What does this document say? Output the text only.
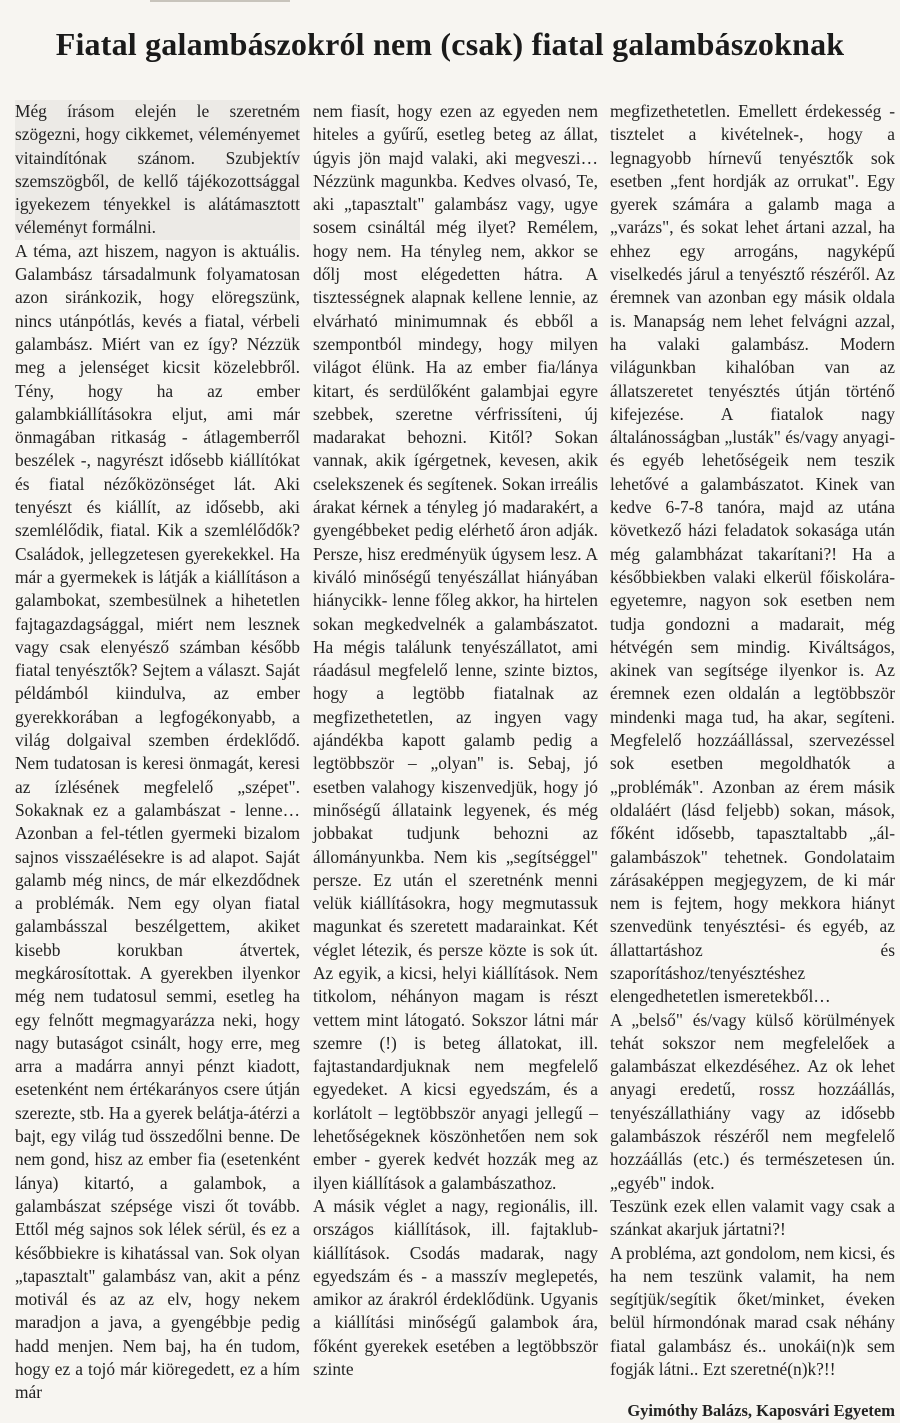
Fiatal galambászokról nem (csak) fiatal galambászoknak

Még írásom elején le szeretném szögezni, hogy cikkemet, véleményemet vitaindítónak szánom. Szubjektív szemszögből, de kellő tájékozottsággal igyekezem tényekkel is alátámasztott véleményt formálni.

A téma, azt hiszem, nagyon is aktuális. Galambász társadalmunk folyamatosan azon siránkozik, hogy elöregszünk, nincs utánpótlás, kevés a fiatal, vérbeli galambász. Miért van ez így? Nézzük meg a jelenséget kicsit közelebbről. Tény, hogy ha az ember galambkiállításokra eljut, ami már önmagában ritkaság - átlagemberről beszélek -, nagyrészt idősebb kiállítókat és fiatal nézőközönséget lát. Aki tenyészt és kiállít, az idősebb, aki szemlélődik, fiatal. Kik a szemlélődők? Családok, jellegzetesen gyerekekkel. Ha már a gyermekek is látják a kiállításon a galambokat, szembesülnek a hihetetlen fajtagazdagsággal, miért nem lesznek vagy csak elenyésző számban később fiatal tenyésztők? Sejtem a választ. Saját példámból kiindulva, az ember gyerekkorában a legfogékonyabb, a világ dolgaival szemben érdeklődő. Nem tudatosan is keresi önmagát, keresi az ízlésének megfelelő „szépet". Sokaknak ez a galambászat - lenne… Azonban a fel-tétlen gyermeki bizalom sajnos visszaélésekre is ad alapot. Saját galamb még nincs, de már elkezdődnek a problémák. Nem egy olyan fiatal galambásszal beszélgettem, akiket kisebb korukban átvertek, megkárosítottak. A gyerekben ilyenkor még nem tudatosul semmi, esetleg ha egy felnőtt megmagyarázza neki, hogy nagy butaságot csinált, hogy erre, meg arra a madárra annyi pénzt kiadott, esetenként nem értékarányos csere útján szerezte, stb. Ha a gyerek belátja-átérzi a bajt, egy világ tud összedőlni benne. De nem gond, hisz az ember fia (esetenként lánya) kitartó, a galambok, a galambászat szépsége viszi őt tovább. Ettől még sajnos sok lélek sérül, és ez a későbbiekre is kihatással van. Sok olyan „tapasztalt" galambász van, akit a pénz motivál és az az elv, hogy nekem maradjon a java, a gyengébbje pedig hadd menjen. Nem baj, ha én tudom, hogy ez a tojó már kiöregedett, ez a hím már

nem fiasít, hogy ezen az egyeden nem hiteles a gyűrű, esetleg beteg az állat, úgyis jön majd valaki, aki megveszi… Nézzünk magunkba. Kedves olvasó, Te, aki „tapasztalt" galambász vagy, ugye sosem csináltál még ilyet? Remélem, hogy nem. Ha tényleg nem, akkor se dőlj most elégedetten hátra. A tisztességnek alapnak kellene lennie, az elvárható minimumnak és ebből a szempontból mindegy, hogy milyen világot élünk. Ha az ember fia/lánya kitart, és serdülőként galambjai egyre szebbek, szeretne vérfrissíteni, új madarakat behozni. Kitől? Sokan vannak, akik ígérgetnek, kevesen, akik cselekszenek és segítenek. Sokan irreális árakat kérnek a tényleg jó madarakért, a gyengébbeket pedig elérhető áron adják. Persze, hisz eredményük úgysem lesz. A kiváló minőségű tenyészállat hiányában hiánycikk- lenne főleg akkor, ha hirtelen sokan megkedvelnék a galambászatot. Ha mégis találunk tenyészállatot, ami ráadásul megfelelő lenne, szinte biztos, hogy a legtöbb fiatalnak az megfizethetetlen, az ingyen vagy ajándékba kapott galamb pedig a legtöbbször – „olyan" is. Sebaj, jó esetben valahogy kiszenvedjük, hogy jó minőségű állataink legyenek, és még jobbakat tudjunk behozni az állományunkba. Nem kis „segítséggel" persze. Ez után el szeretnénk menni velük kiállításokra, hogy megmutassuk magunkat és szeretett madarainkat. Két véglet létezik, és persze közte is sok út. Az egyik, a kicsi, helyi kiállítások. Nem titkolom, néhányon magam is részt vettem mint látogató. Sokszor látni már szemre (!) is beteg állatokat, ill. fajtastandardjuknak nem megfelelő egyedeket. A kicsi egyedszám, és a korlátolt – legtöbbször anyagi jellegű – lehetőségeknek köszönhetően nem sok ember - gyerek kedvét hozzák meg az ilyen kiállítások a galambászathoz.

A másik véglet a nagy, regionális, ill. országos kiállítások, ill. fajtaklub-kiállítások. Csodás madarak, nagy egyedszám és - a masszív meglepetés, amikor az árakról érdeklődünk. Ugyanis a kiállítási minőségű galambok ára, főként gyerekek esetében a legtöbbször szinte

megfizethetetlen. Emellett érdekesség - tisztelet a kivételnek-, hogy a legnagyobb hírnevű tenyésztők sok esetben „fent hordják az orrukat". Egy gyerek számára a galamb maga a „varázs", és sokat lehet ártani azzal, ha ehhez egy arrogáns, nagyképű viselkedés járul a tenyésztő részéről. Az éremnek van azonban egy másik oldala is. Manapság nem lehet felvágni azzal, ha valaki galambász. Modern világunkban kihalóban van az állatszeretet tenyésztés útján történő kifejezése. A fiatalok nagy általánosságban „lusták" és/vagy anyagi- és egyéb lehetőségeik nem teszik lehetővé a galambászatot. Kinek van kedve 6-7-8 tanóra, majd az utána következő házi feladatok sokasága után még galambházat takarítani?! Ha a későbbiekben valaki elkerül főiskolára-egyetemre, nagyon sok esetben nem tudja gondozni a madarait, még hétvégén sem mindig. Kiváltságos, akinek van segítsége ilyenkor is. Az éremnek ezen oldalán a legtöbbször mindenki maga tud, ha akar, segíteni. Megfelelő hozzáállással, szervezéssel sok esetben megoldhatók a „problémák". Azonban az érem másik oldaláért (lásd feljebb) sokan, mások, főként idősebb, tapasztaltabb „ál-galambászok" tehetnek. Gondolataim zárásaképpen megjegyzem, de ki már nem is fejtem, hogy mekkora hiányt szenvedünk tenyésztési- és egyéb, az állattartáshoz és szaporításhoz/tenyésztéshez elengedhetetlen ismeretekből…

A „belső" és/vagy külső körülmények tehát sokszor nem megfelelőek a galambászat elkezdéséhez. Az ok lehet anyagi eredetű, rossz hozzáállás, tenyészállathiány vagy az idősebb galambászok részéről nem megfelelő hozzáállás (etc.) és természetesen ún. „egyéb" indok.

Teszünk ezek ellen valamit vagy csak a szánkat akarjuk jártatni?!

A probléma, azt gondolom, nem kicsi, és ha nem teszünk valamit, ha nem segítjük/segítik őket/minket, éveken belül hírmondónak marad csak néhány fiatal galambász és.. unokái(n)k sem fogják látni.. Ezt szeretné(n)k?!!

Gyimóthy Balázs, Kaposvári Egyetem
